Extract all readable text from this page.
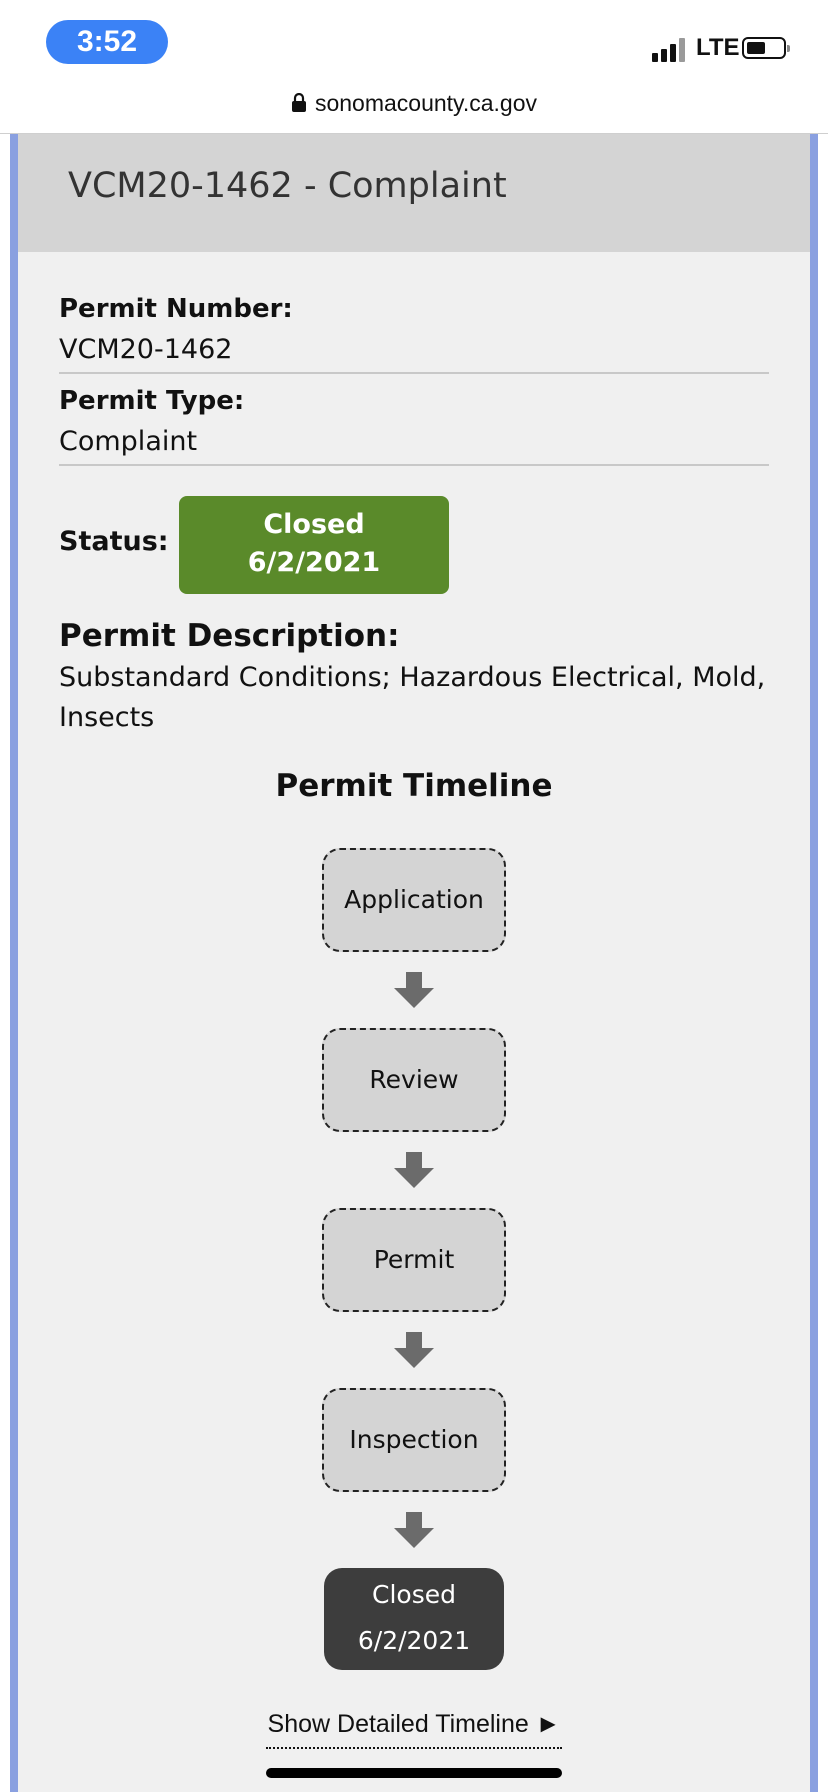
3:52	LTE
sonomacounty.ca.gov
VCM20-1462 - Complaint
Permit Number:
VCM20-1462
Permit Type:
Complaint
Status:
Closed
6/2/2021
Permit Description:
Substandard Conditions; Hazardous Electrical, Mold, Insects
Permit Timeline
Application
Review
Permit
Inspection
Closed
6/2/2021
Show Detailed Timeline ►
